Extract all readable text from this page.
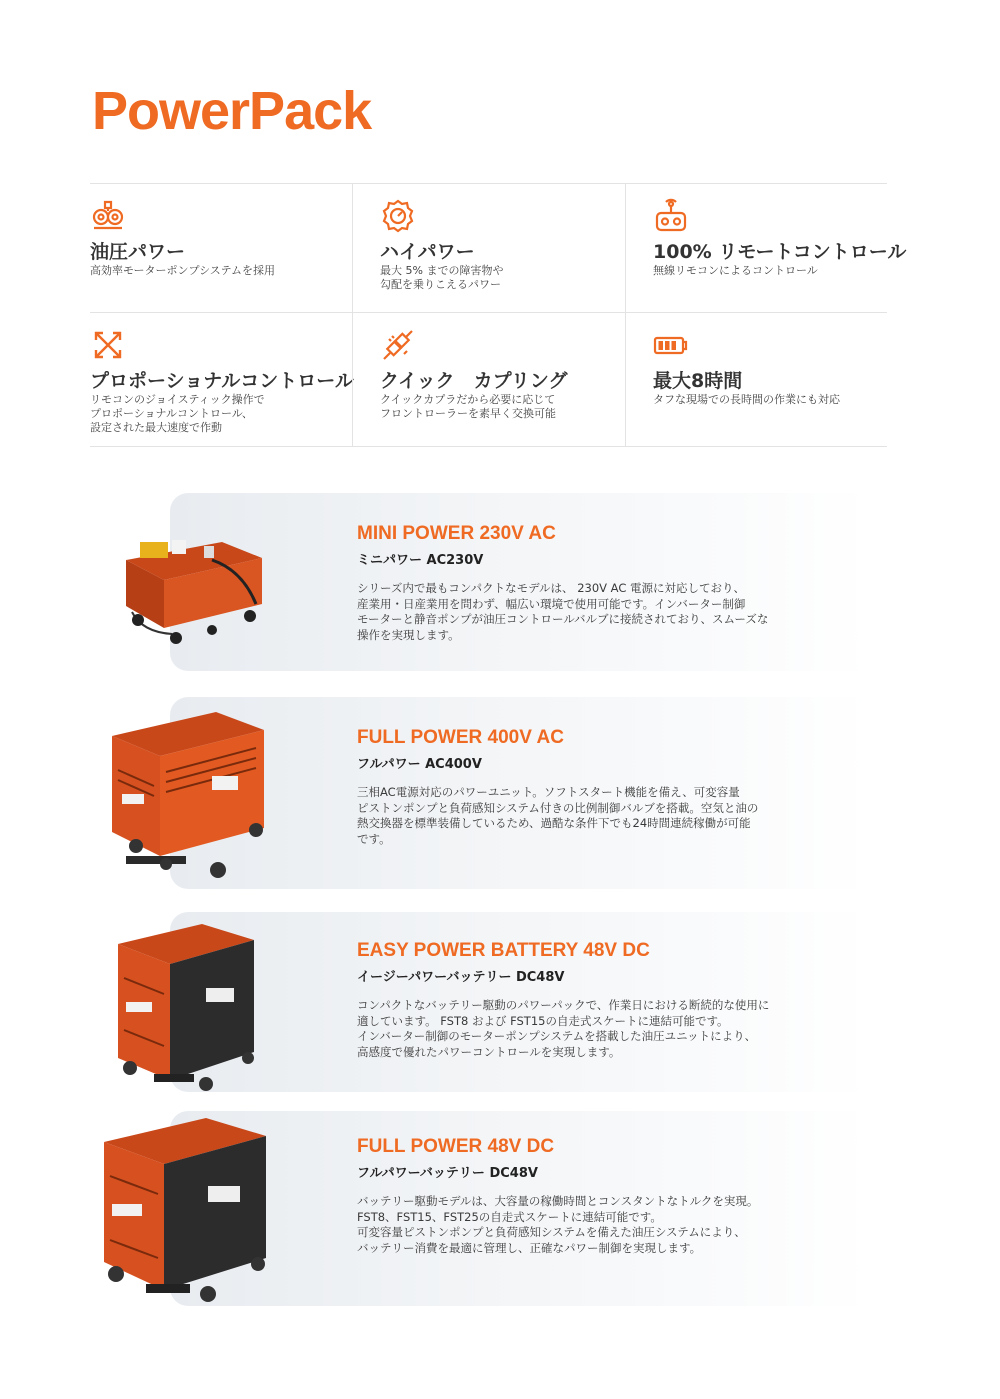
PowerPack
油圧パワー
高効率モーターポンプシステムを採用
ハイパワー
最大 5% までの障害物や
勾配を乗りこえるパワー
100% リモートコントロール
無線リモコンによるコントロール
プロポーショナルコントロール
リモコンのジョイスティック操作で
プロポーショナルコントロール、
設定された最大速度で作動
クイック　カプリング
クイックカプラだから必要に応じて
フロントローラーを素早く交換可能
最大8時間
タフな現場での長時間の作業にも対応
MINI POWER 230V AC
ミニパワー AC230V
シリーズ内で最もコンパクトなモデルは、 230V AC 電源に対応しており、
産業用・日産業用を問わず、幅広い環境で使用可能です。インバーター制御
モーターと静音ポンプが油圧コントロールバルブに接続されており、スムーズな
操作を実現します。
FULL POWER 400V AC
フルパワー AC400V
三相AC電源対応のパワーユニット。ソフトスタート機能を備え、可変容量
ピストンポンプと負荷感知システム付きの比例制御バルブを搭載。空気と油の
熱交換器を標準装備しているため、過酷な条件下でも24時間連続稼働が可能
です。
EASY POWER BATTERY 48V DC
イージーパワーバッテリー DC48V
コンパクトなバッテリー駆動のパワーパックで、作業日における断続的な使用に
適しています。 FST8 および FST15の自走式スケートに連結可能です。
インバーター制御のモーターポンプシステムを搭載した油圧ユニットにより、
高感度で優れたパワーコントロールを実現します。
FULL POWER 48V DC
フルパワーバッテリー DC48V
バッテリー駆動モデルは、大容量の稼働時間とコンスタントなトルクを実現。
FST8、FST15、FST25の自走式スケートに連結可能です。
可変容量ピストンポンプと負荷感知システムを備えた油圧システムにより、
バッテリー消費を最適に管理し、正確なパワー制御を実現します。
